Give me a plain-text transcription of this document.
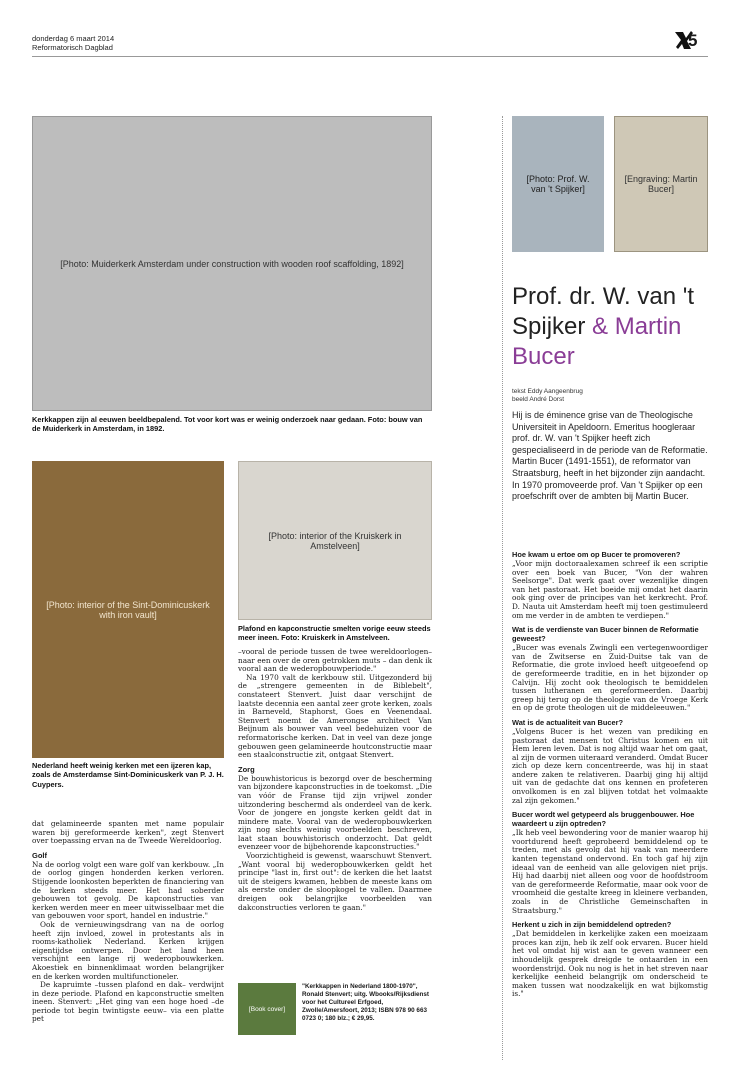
donderdag 6 maart 2014
Reformatorisch Dagblad	5
[Photo: Muiderkerk Amsterdam under construction with wooden roof scaffolding, 1892]

Kerkkappen zijn al eeuwen beeldbepalend. Tot voor kort was er weinig onderzoek naar gedaan. Foto: bouw van de Muiderkerk in Amsterdam, in 1892.

[Photo: interior of the Sint-Dominicuskerk with iron vault]

Nederland heeft weinig kerken met een ijzeren kap, zoals de Amsterdamse Sint-Dominicuskerk van P. J. H. Cuypers.

[Photo: interior of the Kruiskerk in Amstelveen]

Plafond en kapconstructie smelten vorige eeuw steeds meer ineen. Foto: Kruiskerk in Amstelveen.

dat gelamineerde spanten met name populair waren bij gereformeerde kerken", zegt Stenvert over toepassing ervan na de Tweede Wereldoorlog.

Golf

Na de oorlog volgt een ware golf van kerkbouw. „In de oorlog gingen honderden kerken verloren. Stijgende loonkosten beperkten de financiering van de kerken steeds meer. Het had soberder gebouwen tot gevolg. De kapconstructies van kerken werden meer en meer uitwisselbaar met die van gebouwen voor sport, handel en industrie."

Ook de vernieuwingsdrang van na de oorlog heeft zijn invloed, zowel in protestants als in rooms-katholiek Nederland. Kerken krijgen eigentijdse ontwerpen. Door het land heen verschijnt een lange rij wederopbouwkerken. Akoestiek en binnenklimaat worden belangrijker en de kerken worden multifunctioneler.

De kapruimte –tussen plafond en dak– verdwijnt in deze periode. Plafond en kapconstructie smelten ineen. Stenvert: „Het ging van een hoge hoed –de periode tot begin twintigste eeuw– via een platte pet

–vooral de periode tussen de twee wereldoorlogen– naar een over de oren getrokken muts – dan denk ik vooral aan de wederopbouwperiode."

Na 1970 valt de kerkbouw stil. Uitgezonderd bij de „strengere gemeenten in de Biblebelt", constateert Stenvert. Juist daar verschijnt de laatste decennia een aantal zeer grote kerken, zoals in Barneveld, Staphorst, Goes en Veenendaal. Stenvert noemt de Amerongse architect Van Beijnum als bouwer van veel bedehuizen voor de reformatorische kerken. Dat in veel van deze jonge gebouwen geen gelamineerde houtconstructie maar een staalconstructie zit, ontgaat Stenvert.

Zorg

De bouwhistoricus is bezorgd over de bescherming van bijzondere kapconstructies in de toekomst. „Die van vóór de Franse tijd zijn vrijwel zonder uitzondering beschermd als onderdeel van de kerk. Voor de jongere en jongste kerken geldt dat in mindere mate. Vooral van de wederopbouwkerken zijn nog slechts weinig voorbeelden beschreven, laat staan bouwhistorisch onderzocht. Dat geldt evenzeer voor de bijbehorende kapconstructies."

Voorzichtigheid is gewenst, waarschuwt Stenvert. „Want vooral bij wederopbouwkerken geldt het principe "last in, first out": de kerken die het laatst uit de steigers kwamen, hebben de meeste kans om als eerste onder de sloopkogel te vallen. Daarmee dreigen ook belangrijke voorbeelden van dakconstructies verloren te gaan."

[Book cover]

"Kerkkappen in Nederland 1800-1970", Ronald Stenvert; uitg. Wbooks/Rijksdienst voor het Cultureel Erfgoed, Zwolle/Amersfoort, 2013; ISBN 978 90 663 0723 0; 180 blz.; € 29,95.

[Photo: Prof. W. van 't Spijker]
[Engraving: Martin Bucer]
Prof. dr. W. van 't Spijker & Martin Bucer
tekst Eddy Aangeenbrug
beeld André Dorst

Hij is de éminence grise van de Theologische Universiteit in Apeldoorn. Emeritus hoogleraar prof. dr. W. van 't Spijker heeft zich gespecialiseerd in de periode van de Reformatie. Martin Bucer (1491-1551), de reformator van Straatsburg, heeft in het bijzonder zijn aandacht. In 1970 promoveerde prof. Van 't Spijker op een proefschrift over de ambten bij Martin Bucer.

Hoe kwam u ertoe om op Bucer te promoveren?

„Voor mijn doctoraalexamen schreef ik een scriptie over een boek van Bucer, "Von der wahren Seelsorge". Dat werk gaat over wezenlijke dingen van het pastoraat. Het boeide mij omdat het daarin ook ging over de principes van het kerkrecht. Prof. D. Nauta uit Amsterdam heeft mij toen gestimuleerd om me verder in de ambten te verdiepen."

Wat is de verdienste van Bucer binnen de Reformatie geweest?

„Bucer was evenals Zwingli een vertegenwoordiger van de Zwitserse en Zuid-Duitse tak van de Reformatie, die grote invloed heeft uitgeoefend op de gereformeerde traditie, en in het bijzonder op Calvijn. Hij zocht ook theologisch te bemiddelen tussen lutheranen en gereformeerden. Daarbij greep hij terug op de theologie van de Vroege Kerk en op de grote theologen uit de middeleeuwen."

Wat is de actualiteit van Bucer?

„Volgens Bucer is het wezen van prediking en pastoraat dat mensen tot Christus komen en uit Hem leren leven. Dat is nog altijd waar het om gaat, al zijn de vormen uiteraard veranderd. Omdat Bucer zich op deze kern concentreerde, was hij in staat andere zaken te relativeren. Daarbij ging hij altijd uit van de gedachte dat ons kennen en profeteren onvolkomen is en zal blijven totdat het volmaakte zal zijn gekomen."

Bucer wordt wel getypeerd als bruggenbouwer. Hoe waardeert u zijn optreden?

„Ik heb veel bewondering voor de manier waarop hij voortdurend heeft geprobeerd bemiddelend op te treden, met als gevolg dat hij vaak van meerdere kanten tegenstand ondervond. En toch gaf hij zijn ideaal van de eenheid van alle gelovigen niet prijs. Hij had daarbij niet alleen oog voor de hoofdstroom van de gereformeerde Reformatie, maar ook voor de vroomheid die gestalte kreeg in kleinere verbanden, zoals in de Christliche Gemeinschaften in Straatsburg."

Herkent u zich in zijn bemiddelend optreden?

„Dat bemiddelen in kerkelijke zaken een moeizaam proces kan zijn, heb ik zelf ook ervaren. Bucer hield het vol omdat hij wist aan te geven wanneer een inhoudelijk gesprek dreigde te ontaarden in een woordenstrijd. Ook nu nog is het in het streven naar kerkelijke eenheid belangrijk om onderscheid te maken tussen wat noodzakelijk en wat bijkomstig is."
